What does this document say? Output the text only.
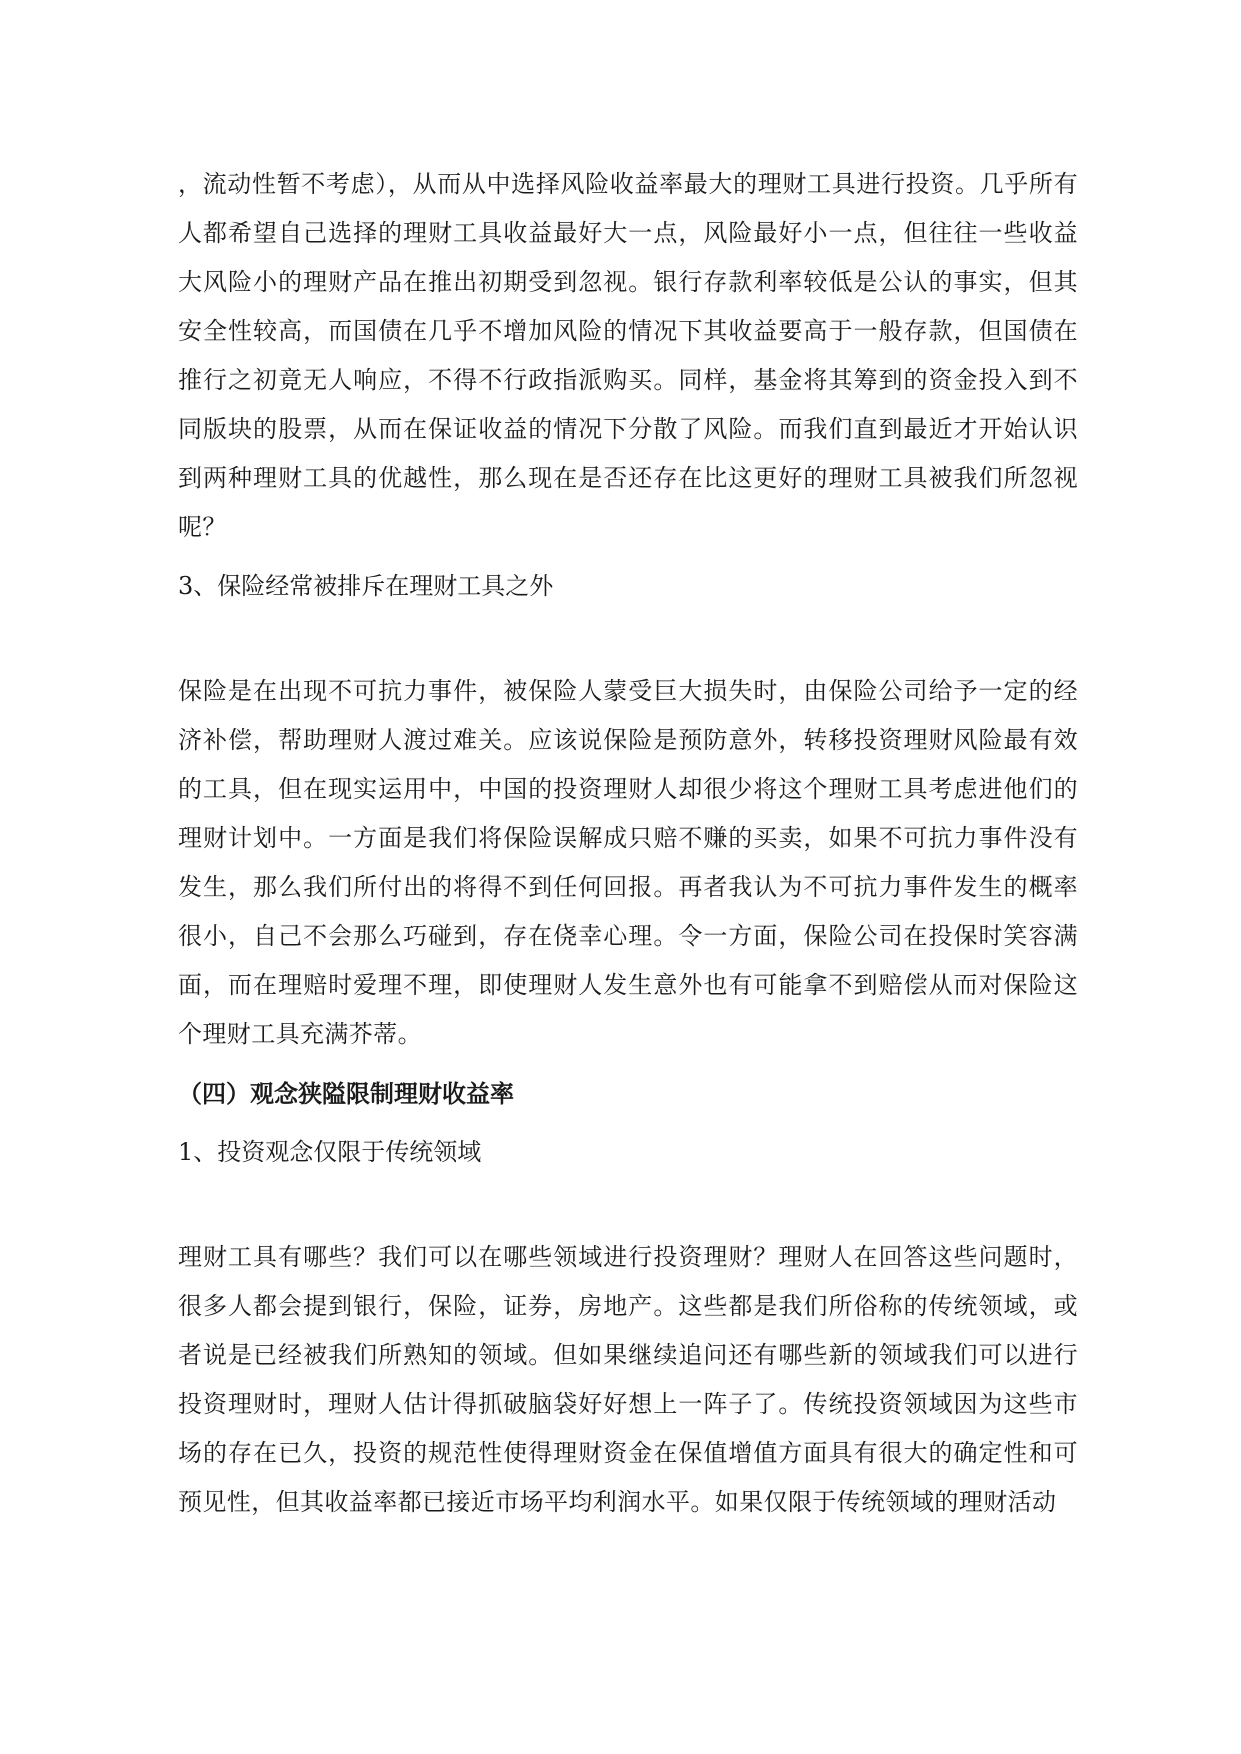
，流动性暂不考虑），从而从中选择风险收益率最大的理财工具进行投资。几乎所有人都希望自己选择的理财工具收益最好大一点，风险最好小一点，但往往一些收益大风险小的理财产品在推出初期受到忽视。银行存款利率较低是公认的事实，但其安全性较高，而国债在几乎不增加风险的情况下其收益要高于一般存款，但国债在推行之初竟无人响应，不得不行政指派购买。同样，基金将其筹到的资金投入到不同版块的股票，从而在保证收益的情况下分散了风险。而我们直到最近才开始认识到两种理财工具的优越性，那么现在是否还存在比这更好的理财工具被我们所忽视呢？

3、保险经常被排斥在理财工具之外

保险是在出现不可抗力事件，被保险人蒙受巨大损失时，由保险公司给予一定的经济补偿，帮助理财人渡过难关。应该说保险是预防意外，转移投资理财风险最有效的工具，但在现实运用中，中国的投资理财人却很少将这个理财工具考虑进他们的理财计划中。一方面是我们将保险误解成只赔不赚的买卖，如果不可抗力事件没有发生，那么我们所付出的将得不到任何回报。再者我认为不可抗力事件发生的概率很小，自己不会那么巧碰到，存在侥幸心理。令一方面，保险公司在投保时笑容满面，而在理赔时爱理不理，即使理财人发生意外也有可能拿不到赔偿从而对保险这个理财工具充满芥蒂。

（四）观念狭隘限制理财收益率

1、投资观念仅限于传统领域

理财工具有哪些？我们可以在哪些领域进行投资理财？理财人在回答这些问题时，很多人都会提到银行，保险，证券，房地产。这些都是我们所俗称的传统领域，或者说是已经被我们所熟知的领域。但如果继续追问还有哪些新的领域我们可以进行投资理财时，理财人估计得抓破脑袋好好想上一阵子了。传统投资领域因为这些市场的存在已久，投资的规范性使得理财资金在保值增值方面具有很大的确定性和可预见性，但其收益率都已接近市场平均利润水平。如果仅限于传统领域的理财活动
